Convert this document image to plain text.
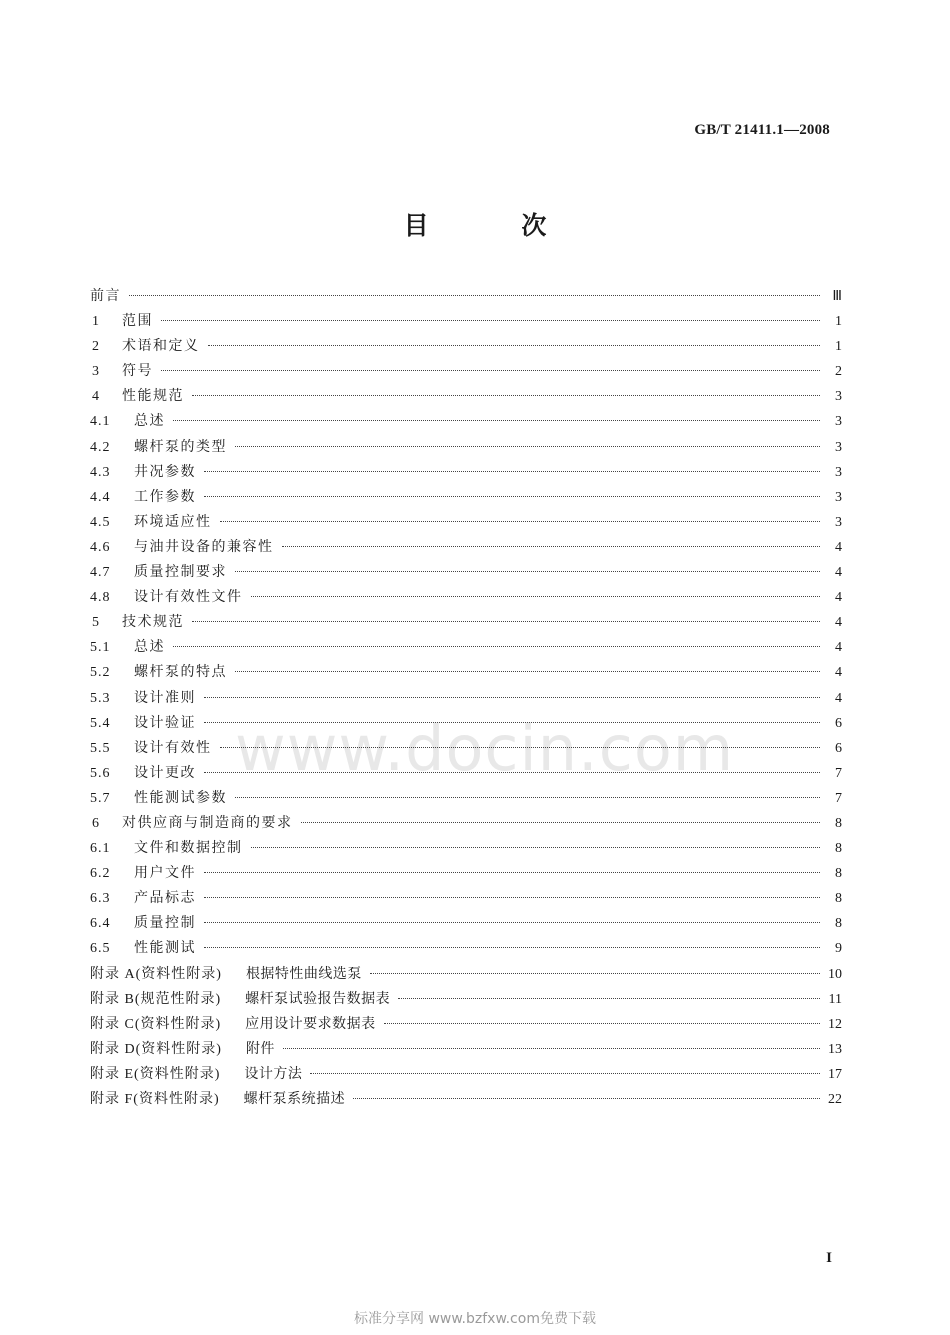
GB/T 21411.1—2008
目 次
www.docin.com
前言	Ⅲ
1	范围	1
2	术语和定义	1
3	符号	2
4	性能规范	3
4.1	总述	3
4.2	螺杆泵的类型	3
4.3	井况参数	3
4.4	工作参数	3
4.5	环境适应性	3
4.6	与油井设备的兼容性	4
4.7	质量控制要求	4
4.8	设计有效性文件	4
5	技术规范	4
5.1	总述	4
5.2	螺杆泵的特点	4
5.3	设计准则	4
5.4	设计验证	6
5.5	设计有效性	6
5.6	设计更改	7
5.7	性能测试参数	7
6	对供应商与制造商的要求	8
6.1	文件和数据控制	8
6.2	用户文件	8
6.3	产品标志	8
6.4	质量控制	8
6.5	性能测试	9
附录 A(资料性附录) 根据特性曲线选泵	10
附录 B(规范性附录) 螺杆泵试验报告数据表	11
附录 C(资料性附录) 应用设计要求数据表	12
附录 D(资料性附录) 附件	13
附录 E(资料性附录) 设计方法	17
附录 F(资料性附录) 螺杆泵系统描述	22
I
标准分享网 www.bzfxw.com免费下载
